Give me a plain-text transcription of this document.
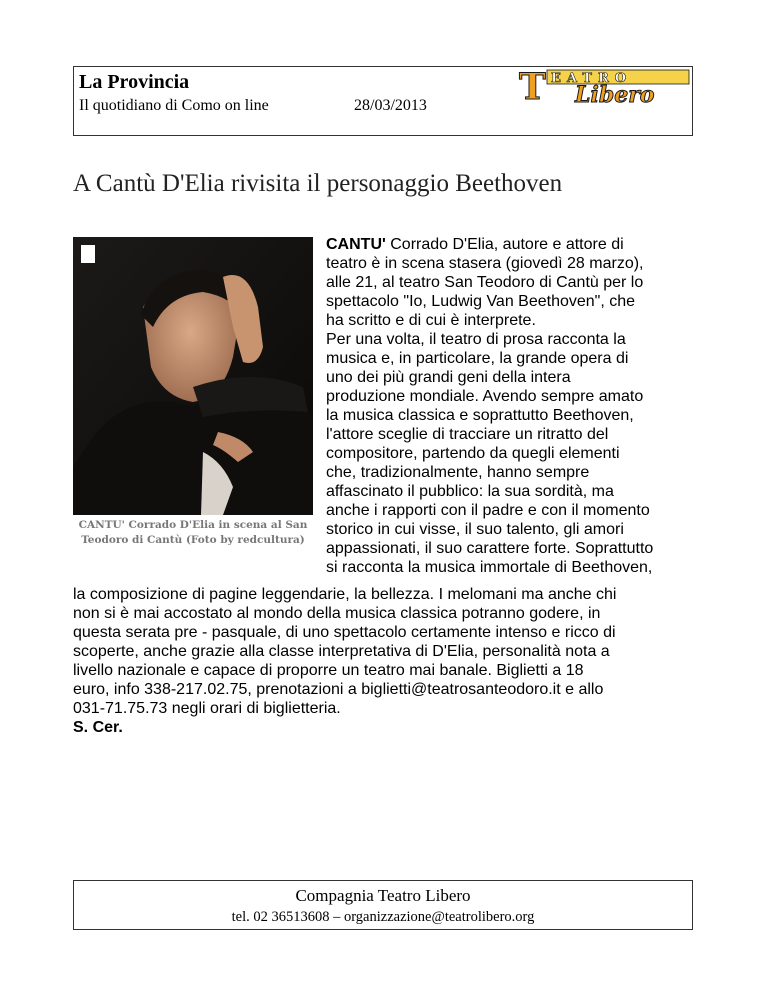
La Provincia
Il quotidiano di Como on line	28/03/2013	T EATRO
Libero
A Cantù D'Elia rivisita il personaggio Beethoven
CANTU' Corrado D'Elia in scena al San Teodoro di Cantù (Foto by redcultura)
CANTU' Corrado D'Elia, autore e attore di
teatro è in scena stasera (giovedì 28 marzo),
alle 21, al teatro San Teodoro di Cantù per lo
spettacolo "Io, Ludwig Van Beethoven", che
ha scritto e di cui è interprete.
Per una volta, il teatro di prosa racconta la
musica e, in particolare, la grande opera di
uno dei più grandi geni della intera
produzione mondiale. Avendo sempre amato
la musica classica e soprattutto Beethoven,
l'attore sceglie di tracciare un ritratto del
compositore, partendo da quegli elementi
che, tradizionalmente, hanno sempre
affascinato il pubblico: la sua sordità, ma
anche i rapporti con il padre e con il momento
storico in cui visse, il suo talento, gli amori
appassionati, il suo carattere forte. Soprattutto
si racconta la musica immortale di Beethoven,
la composizione di pagine leggendarie, la bellezza. I melomani ma anche chi
non si è mai accostato al mondo della musica classica potranno godere, in
questa serata pre - pasquale, di uno spettacolo certamente intenso e ricco di
scoperte, anche grazie alla classe interpretativa di D'Elia, personalità nota a
livello nazionale e capace di proporre un teatro mai banale. Biglietti a 18
euro, info 338-217.02.75, prenotazioni a biglietti@teatrosanteodoro.it e allo
031-71.75.73 negli orari di biglietteria.
S. Cer.
Compagnia Teatro Libero
tel. 02 36513608 – organizzazione@teatrolibero.org
